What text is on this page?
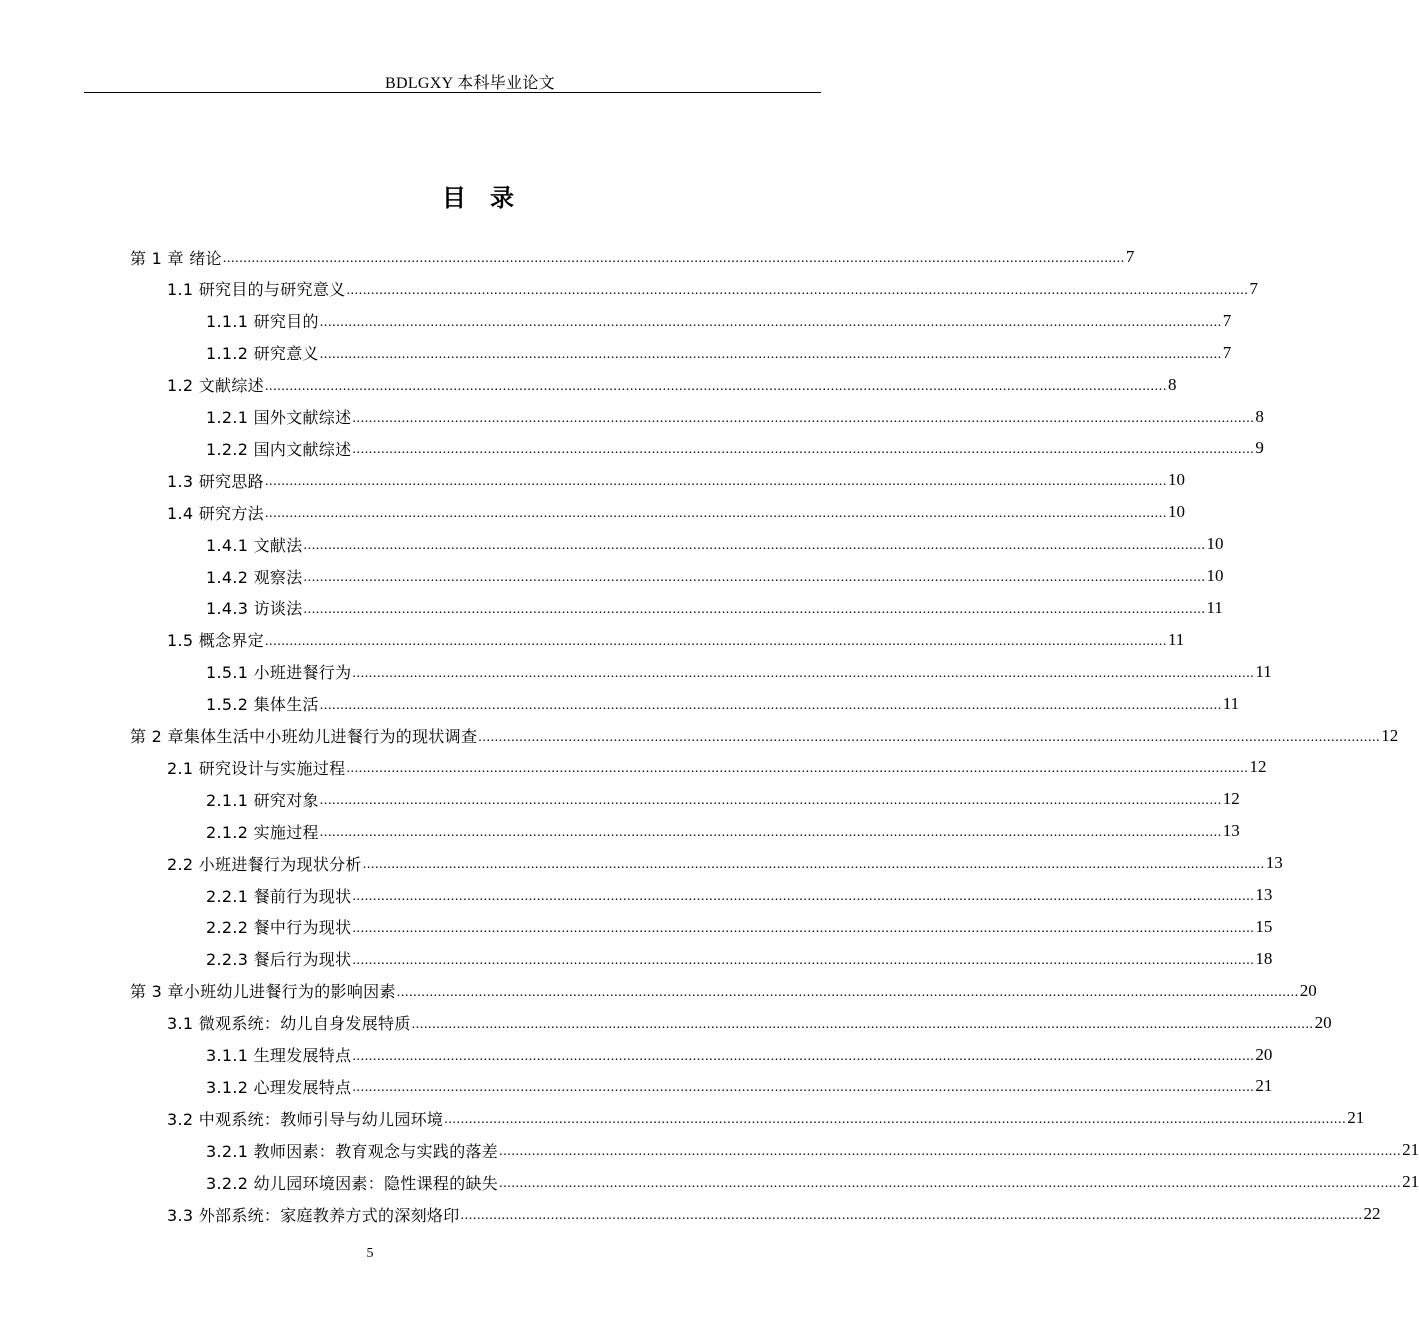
BDLGXY 本科毕业论文
目录
第 1 章 绪论 ............................................................................................................................................................................................................................ 7
1.1 研究目的与研究意义 ............................................................................................................................................................................................................................ 7
1.1.1 研究目的 ............................................................................................................................................................................................................................ 7
1.1.2 研究意义 ............................................................................................................................................................................................................................ 7
1.2 文献综述 ............................................................................................................................................................................................................................ 8
1.2.1 国外文献综述 ............................................................................................................................................................................................................................ 8
1.2.2 国内文献综述 ............................................................................................................................................................................................................................ 9
1.3 研究思路 ............................................................................................................................................................................................................................ 10
1.4 研究方法 ............................................................................................................................................................................................................................ 10
1.4.1 文献法 ............................................................................................................................................................................................................................ 10
1.4.2 观察法 ............................................................................................................................................................................................................................ 10
1.4.3 访谈法 ............................................................................................................................................................................................................................ 11
1.5 概念界定 ............................................................................................................................................................................................................................ 11
1.5.1 小班进餐行为 ............................................................................................................................................................................................................................ 11
1.5.2 集体生活 ............................................................................................................................................................................................................................ 11
第 2 章集体生活中小班幼儿进餐行为的现状调查 ............................................................................................................................................................................................................................ 12
2.1 研究设计与实施过程 ............................................................................................................................................................................................................................ 12
2.1.1 研究对象 ............................................................................................................................................................................................................................ 12
2.1.2 实施过程 ............................................................................................................................................................................................................................ 13
2.2 小班进餐行为现状分析 ............................................................................................................................................................................................................................ 13
2.2.1 餐前行为现状 ............................................................................................................................................................................................................................ 13
2.2.2 餐中行为现状 ............................................................................................................................................................................................................................ 15
2.2.3 餐后行为现状 ............................................................................................................................................................................................................................ 18
第 3 章小班幼儿进餐行为的影响因素 ............................................................................................................................................................................................................................ 20
3.1 微观系统：幼儿自身发展特质 ............................................................................................................................................................................................................................ 20
3.1.1 生理发展特点 ............................................................................................................................................................................................................................ 20
3.1.2 心理发展特点 ............................................................................................................................................................................................................................ 21
3.2 中观系统：教师引导与幼儿园环境 ............................................................................................................................................................................................................................ 21
3.2.1 教师因素：教育观念与实践的落差 ............................................................................................................................................................................................................................ 21
3.2.2 幼儿园环境因素：隐性课程的缺失 ............................................................................................................................................................................................................................ 21
3.3 外部系统：家庭教养方式的深刻烙印 ............................................................................................................................................................................................................................ 22
5
